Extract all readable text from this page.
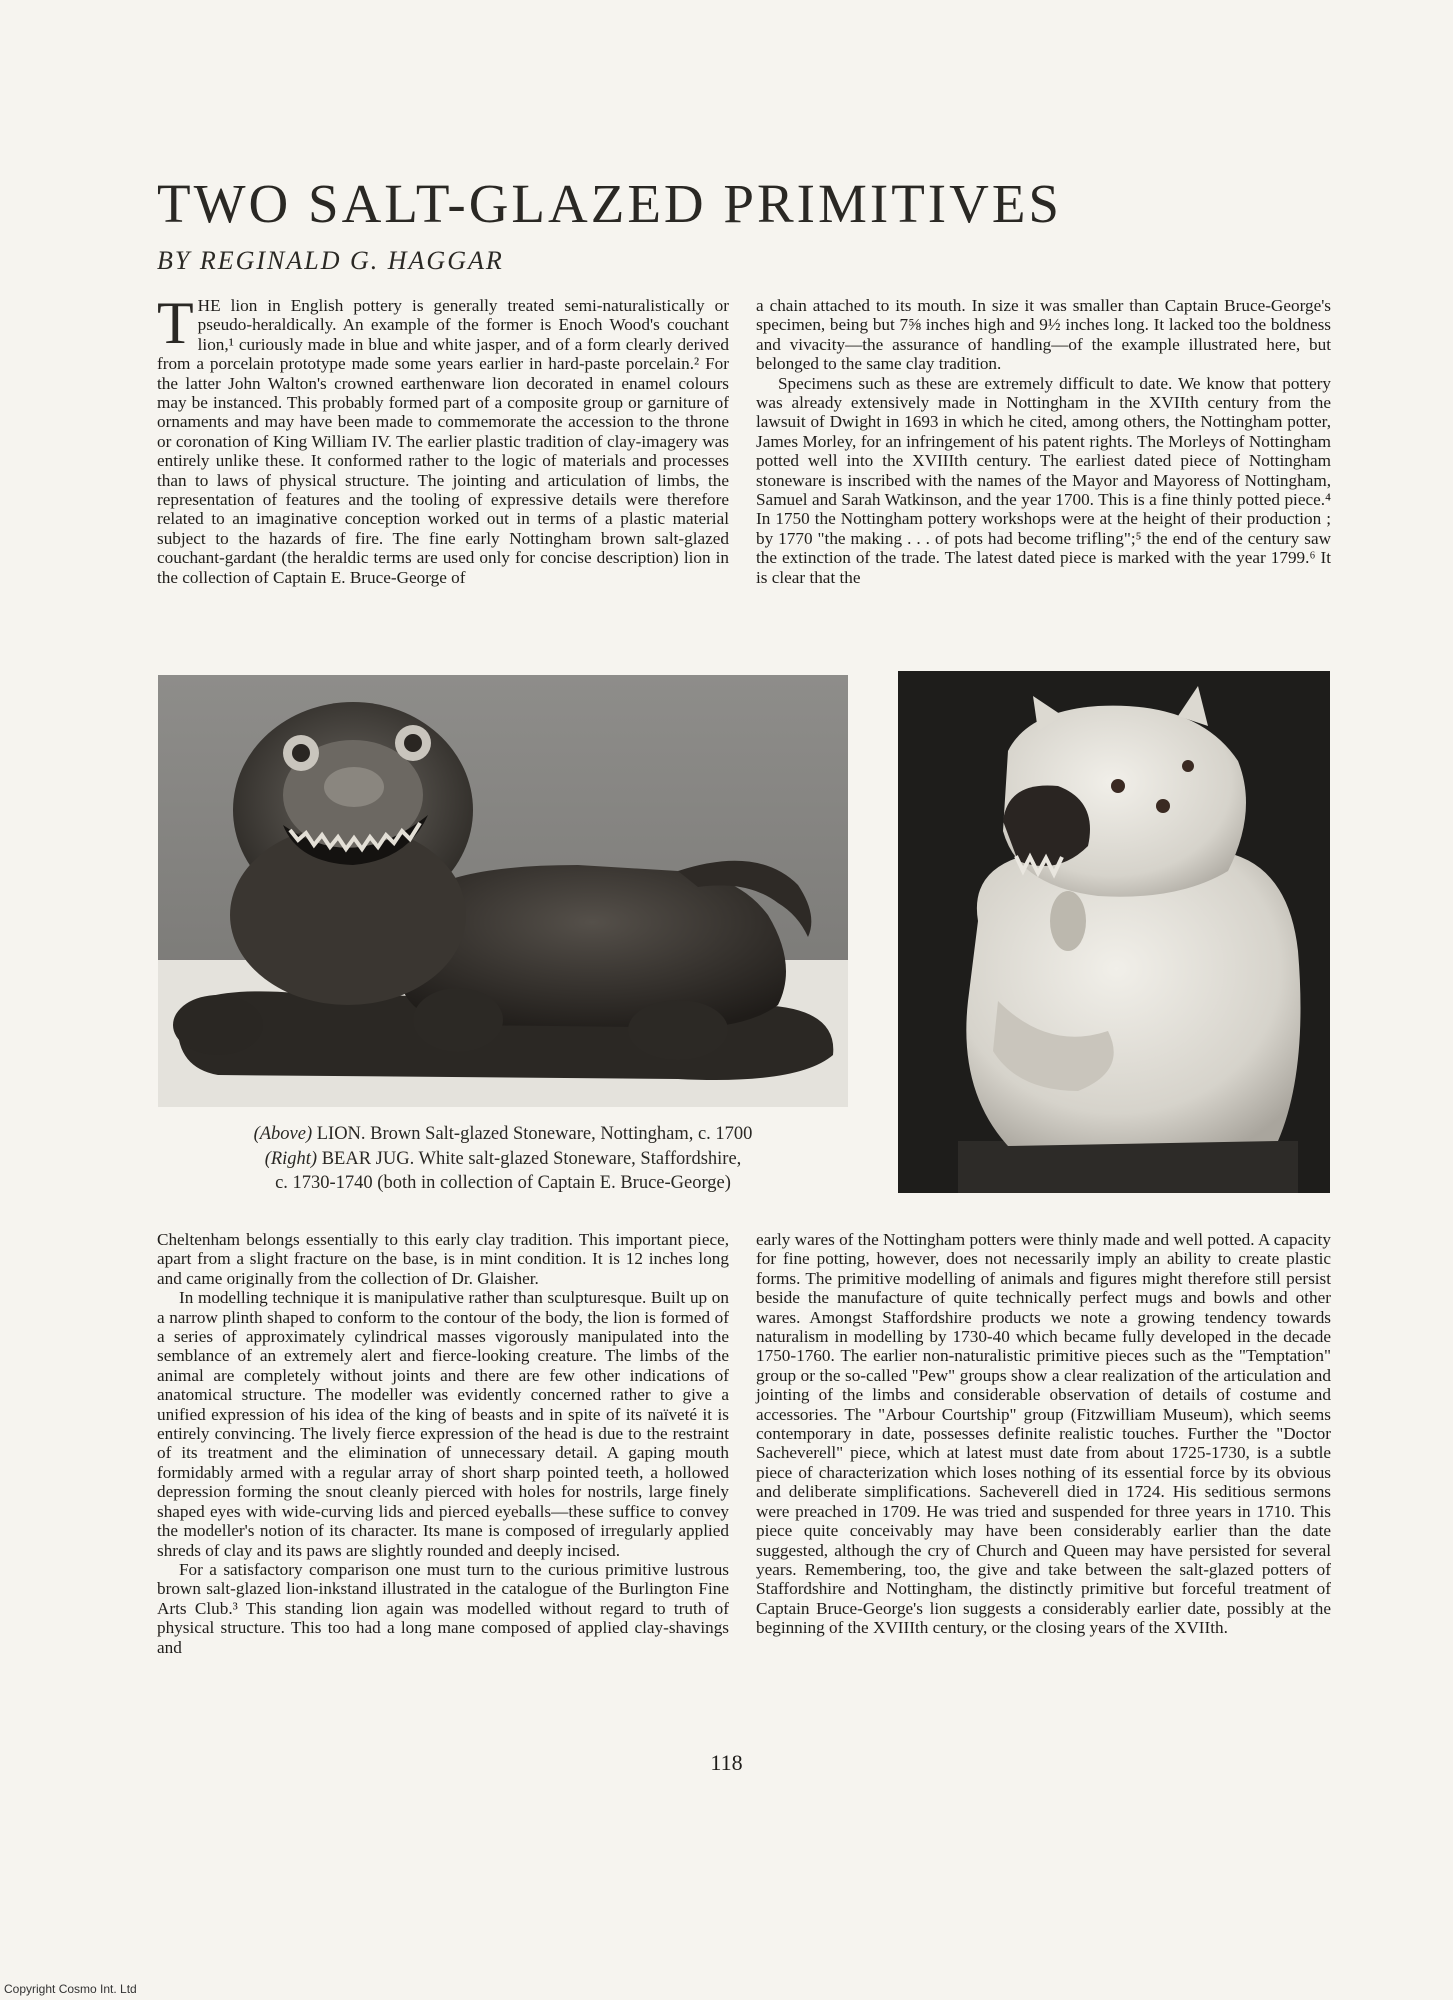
TWO SALT-GLAZED PRIMITIVES
BY REGINALD G. HAGGAR

THE lion in English pottery is generally treated semi-naturalistically or pseudo-heraldically. An example of the former is Enoch Wood's couchant lion,¹ curiously made in blue and white jasper, and of a form clearly derived from a porcelain prototype made some years earlier in hard-paste porcelain.² For the latter John Walton's crowned earthenware lion decorated in enamel colours may be instanced. This probably formed part of a composite group or garniture of ornaments and may have been made to commemorate the accession to the throne or coronation of King William IV. The earlier plastic tradition of clay-imagery was entirely unlike these. It conformed rather to the logic of materials and processes than to laws of physical structure. The jointing and articulation of limbs, the representation of features and the tooling of expressive details were therefore related to an imaginative conception worked out in terms of a plastic material subject to the hazards of fire. The fine early Nottingham brown salt-glazed couchant-gardant (the heraldic terms are used only for concise description) lion in the collection of Captain E. Bruce-George of

a chain attached to its mouth. In size it was smaller than Captain Bruce-George's specimen, being but 7⅝ inches high and 9½ inches long. It lacked too the boldness and vivacity—the assurance of handling—of the example illustrated here, but belonged to the same clay tradition.

Specimens such as these are extremely difficult to date. We know that pottery was already extensively made in Nottingham in the XVIIth century from the lawsuit of Dwight in 1693 in which he cited, among others, the Nottingham potter, James Morley, for an infringement of his patent rights. The Morleys of Nottingham potted well into the XVIIIth century. The earliest dated piece of Nottingham stoneware is inscribed with the names of the Mayor and Mayoress of Nottingham, Samuel and Sarah Watkinson, and the year 1700. This is a fine thinly potted piece.⁴ In 1750 the Nottingham pottery workshops were at the height of their production ; by 1770 "the making . . . of pots had become trifling";⁵ the end of the century saw the extinction of the trade. The latest dated piece is marked with the year 1799.⁶ It is clear that the

(Above) LION. Brown Salt-glazed Stoneware, Nottingham, c. 1700
(Right) BEAR JUG. White salt-glazed Stoneware, Staffordshire,
c. 1730-1740 (both in collection of Captain E. Bruce-George)

Cheltenham belongs essentially to this early clay tradition. This important piece, apart from a slight fracture on the base, is in mint condition. It is 12 inches long and came originally from the collection of Dr. Glaisher.

In modelling technique it is manipulative rather than sculpturesque. Built up on a narrow plinth shaped to conform to the contour of the body, the lion is formed of a series of approximately cylindrical masses vigorously manipulated into the semblance of an extremely alert and fierce-looking creature. The limbs of the animal are completely without joints and there are few other indications of anatomical structure. The modeller was evidently concerned rather to give a unified expression of his idea of the king of beasts and in spite of its naïveté it is entirely convincing. The lively fierce expression of the head is due to the restraint of its treatment and the elimination of unnecessary detail. A gaping mouth formidably armed with a regular array of short sharp pointed teeth, a hollowed depression forming the snout cleanly pierced with holes for nostrils, large finely shaped eyes with wide-curving lids and pierced eyeballs—these suffice to convey the modeller's notion of its character. Its mane is composed of irregularly applied shreds of clay and its paws are slightly rounded and deeply incised.

For a satisfactory comparison one must turn to the curious primitive lustrous brown salt-glazed lion-inkstand illustrated in the catalogue of the Burlington Fine Arts Club.³ This standing lion again was modelled without regard to truth of physical structure. This too had a long mane composed of applied clay-shavings and

early wares of the Nottingham potters were thinly made and well potted. A capacity for fine potting, however, does not necessarily imply an ability to create plastic forms. The primitive modelling of animals and figures might therefore still persist beside the manufacture of quite technically perfect mugs and bowls and other wares. Amongst Staffordshire products we note a growing tendency towards naturalism in modelling by 1730-40 which became fully developed in the decade 1750-1760. The earlier non-naturalistic primitive pieces such as the "Temptation" group or the so-called "Pew" groups show a clear realization of the articulation and jointing of the limbs and considerable observation of details of costume and accessories. The "Arbour Courtship" group (Fitzwilliam Museum), which seems contemporary in date, possesses definite realistic touches. Further the "Doctor Sacheverell" piece, which at latest must date from about 1725-1730, is a subtle piece of characterization which loses nothing of its essential force by its obvious and deliberate simplifications. Sacheverell died in 1724. His seditious sermons were preached in 1709. He was tried and suspended for three years in 1710. This piece quite conceivably may have been considerably earlier than the date suggested, although the cry of Church and Queen may have persisted for several years. Remembering, too, the give and take between the salt-glazed potters of Staffordshire and Nottingham, the distinctly primitive but forceful treatment of Captain Bruce-George's lion suggests a considerably earlier date, possibly at the beginning of the XVIIIth century, or the closing years of the XVIIth.

118
Copyright Cosmo Int. Ltd
